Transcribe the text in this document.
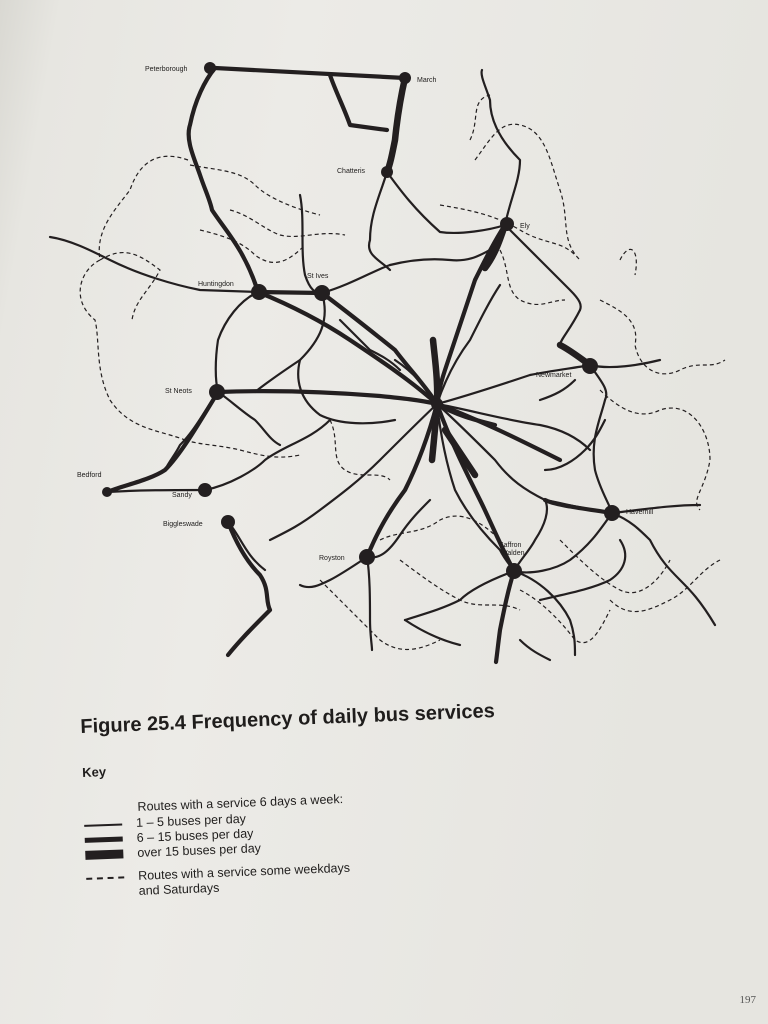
Peterborough
March
Chatteris
Ely
Huntingdon
St Ives
Newmarket
St Neots
Bedford
Sandy
Biggleswade
Royston
Haverhill
Saffron
Walden
Figure 25.4 Frequency of daily bus services
Key
Routes with a service 6 days a week:
1 – 5 buses per day
6 – 15 buses per day
over 15 buses per day
Routes with a service some weekdays
and Saturdays
197
